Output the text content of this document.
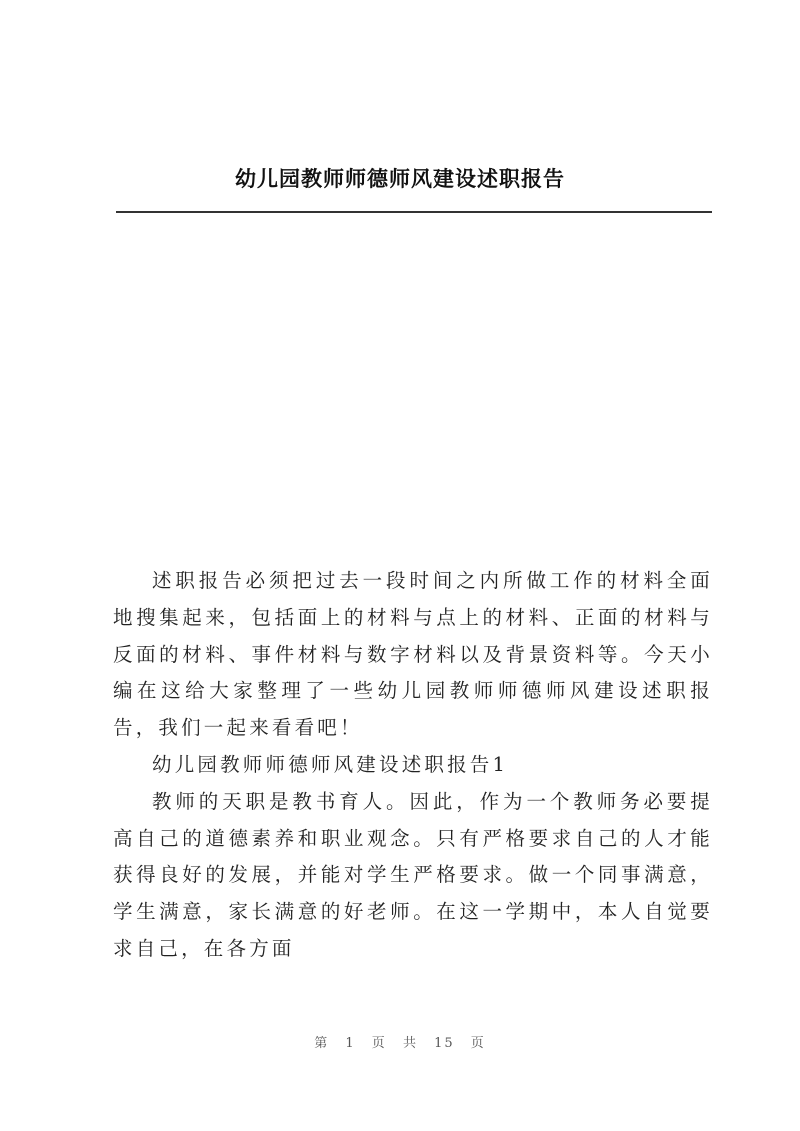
幼儿园教师师德师风建设述职报告

述职报告必须把过去一段时间之内所做工作的材料全面地搜集起来，包括面上的材料与点上的材料、正面的材料与反面的材料、事件材料与数字材料以及背景资料等。今天小编在这给大家整理了一些幼儿园教师师德师风建设述职报告，我们一起来看看吧！

幼儿园教师师德师风建设述职报告1

教师的天职是教书育人。因此，作为一个教师务必要提高自己的道德素养和职业观念。只有严格要求自己的人才能获得良好的发展，并能对学生严格要求。做一个同事满意，学生满意，家长满意的好老师。在这一学期中，本人自觉要求自己，在各方面

第 1 页 共 15 页
